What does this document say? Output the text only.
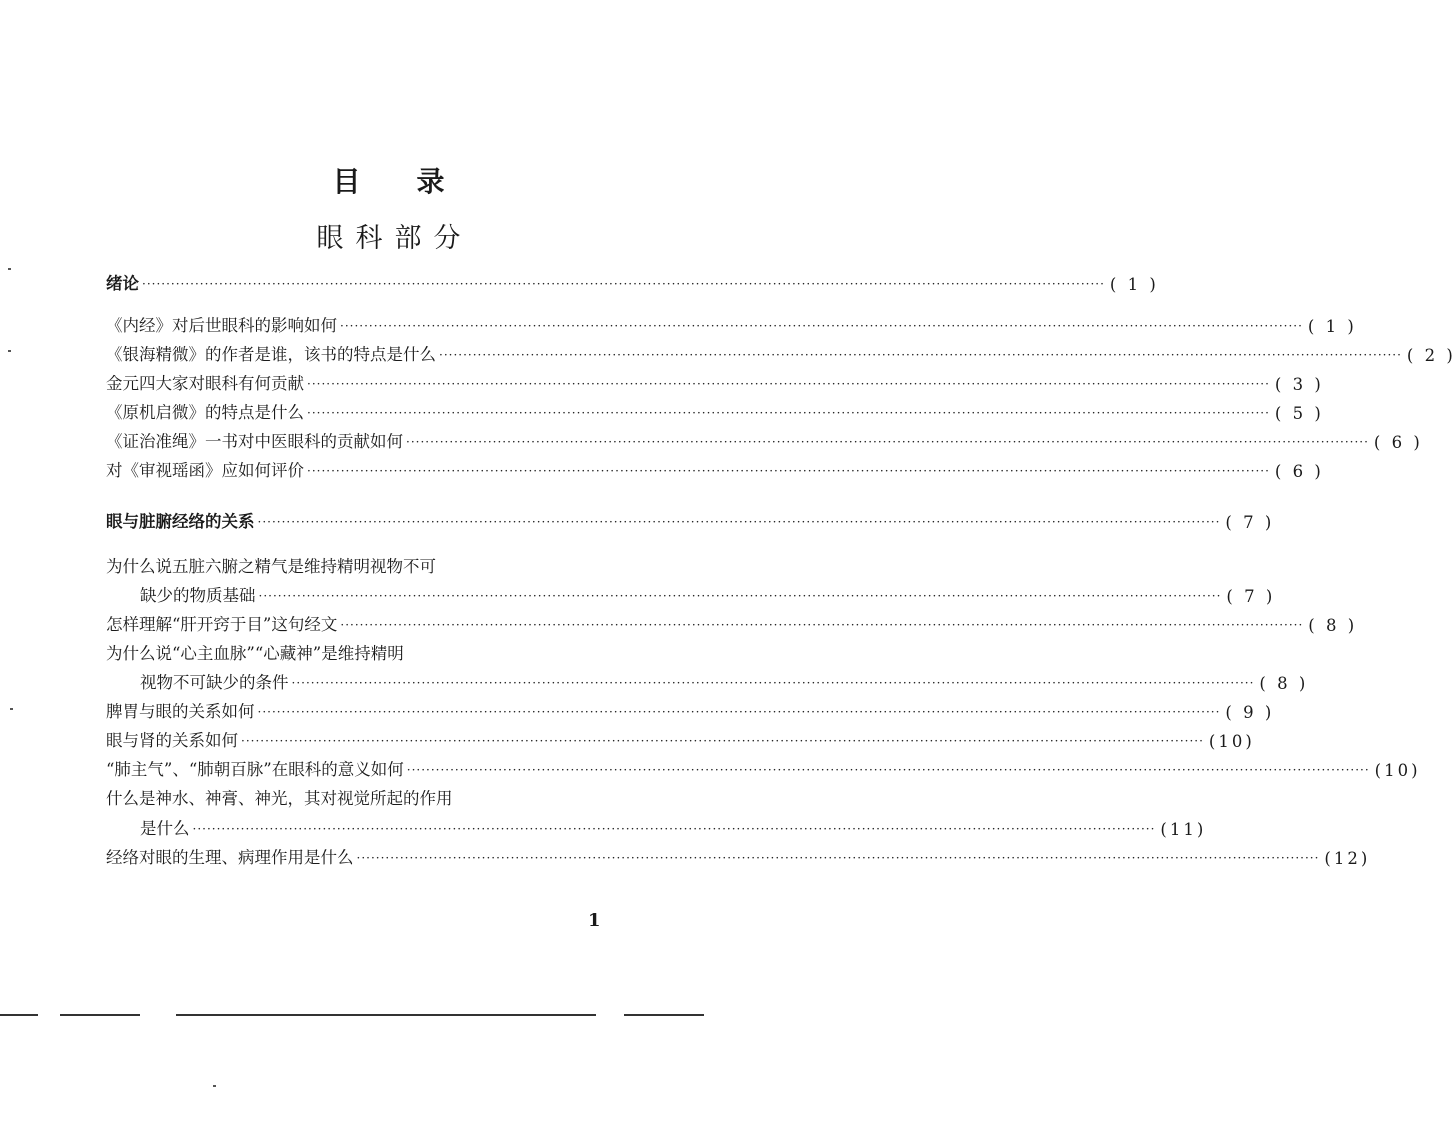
目录
眼科部分
绪论 ········································································································································································································ ( 1 )
《内经》对后世眼科的影响如何 ········································································································································································································ ( 1 )
《银海精微》的作者是谁，该书的特点是什么 ········································································································································································································ ( 2 )
金元四大家对眼科有何贡献 ········································································································································································································ ( 3 )
《原机启微》的特点是什么 ········································································································································································································ ( 5 )
《证治准绳》一书对中医眼科的贡献如何 ········································································································································································································ ( 6 )
对《审视瑶函》应如何评价 ········································································································································································································ ( 6 )
眼与脏腑经络的关系 ········································································································································································································ ( 7 )
为什么说五脏六腑之精气是维持精明视物不可
缺少的物质基础 ········································································································································································································ ( 7 )
怎样理解“肝开窍于目”这句经文 ········································································································································································································ ( 8 )
为什么说“心主血脉”“心藏神”是维持精明
视物不可缺少的条件 ········································································································································································································ ( 8 )
脾胃与眼的关系如何 ········································································································································································································ ( 9 )
眼与肾的关系如何 ········································································································································································································ (10)
“肺主气”、“肺朝百脉”在眼科的意义如何 ········································································································································································································ (10)
什么是神水、神膏、神光，其对视觉所起的作用
是什么 ········································································································································································································ (11)
经络对眼的生理、病理作用是什么 ········································································································································································································ (12)
1
